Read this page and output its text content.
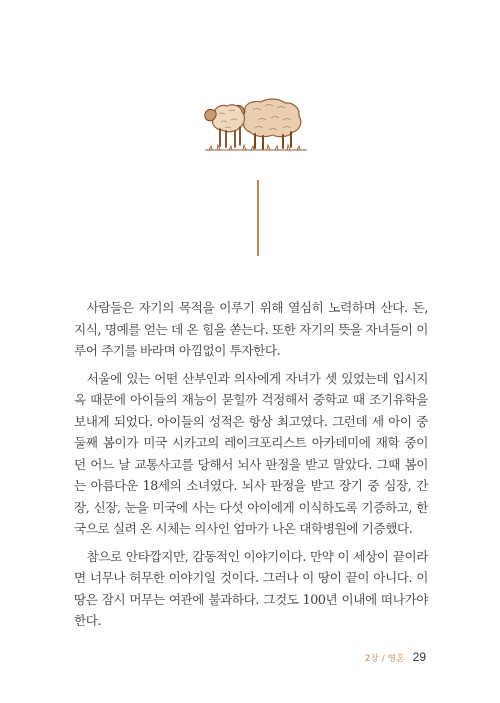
사람들은 자기의 목적을 이루기 위해 열심히 노력하며 산다. 돈, 지식, 명예를 얻는 데 온 힘을 쏟는다. 또한 자기의 뜻을 자녀들이 이루어 주기를 바라며 아낌없이 투자한다.

서울에 있는 어떤 산부인과 의사에게 자녀가 셋 있었는데 입시지옥 때문에 아이들의 재능이 묻힐까 걱정해서 중학교 때 조기유학을 보내게 되었다. 아이들의 성적은 항상 최고였다. 그런데 세 아이 중 둘째 봄이가 미국 시카고의 레이크포리스트 아카데미에 재학 중이던 어느 날 교통사고를 당해서 뇌사 판정을 받고 말았다. 그때 봄이는 아름다운 18세의 소녀였다. 뇌사 판정을 받고 장기 중 심장, 간장, 신장, 눈을 미국에 사는 다섯 아이에게 이식하도록 기증하고, 한국으로 실려 온 시체는 의사인 엄마가 나온 대학병원에 기증했다.

참으로 안타깝지만, 감동적인 이야기이다. 만약 이 세상이 끝이라면 너무나 허무한 이야기일 것이다. 그러나 이 땅이 끝이 아니다. 이 땅은 잠시 머무는 여관에 불과하다. 그것도 100년 이내에 떠나가야 한다.

2장 / 영혼 29
